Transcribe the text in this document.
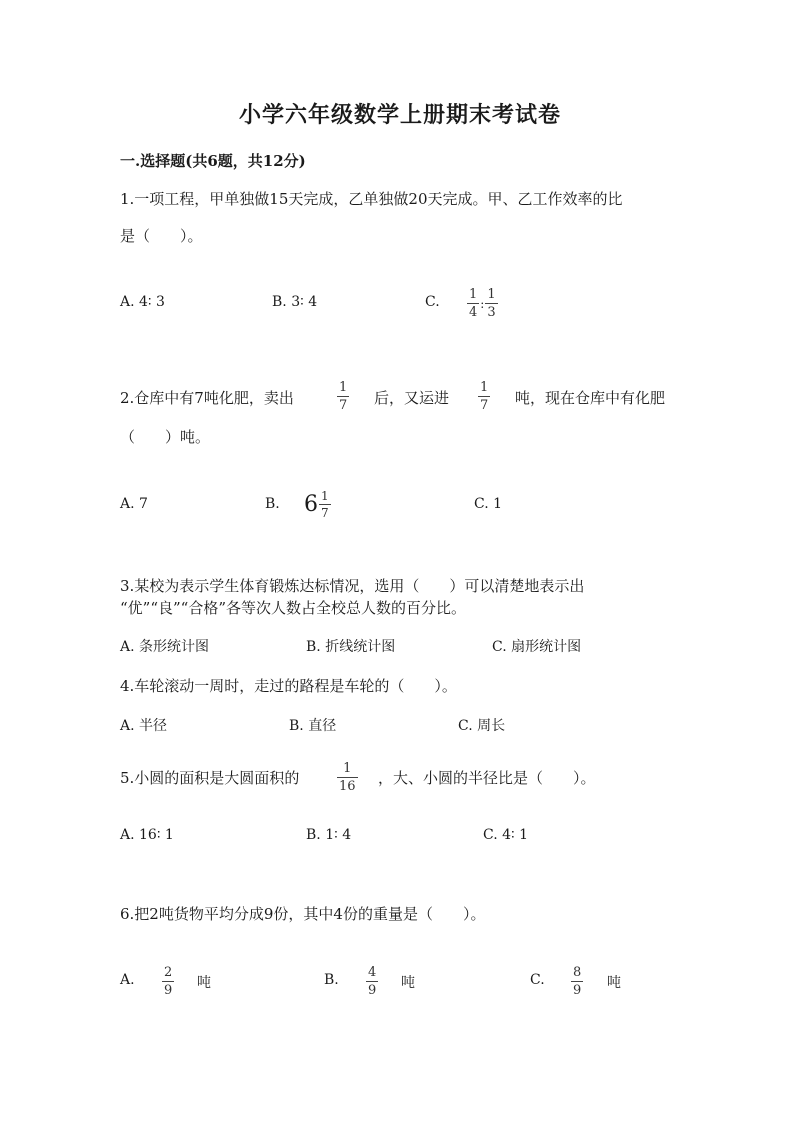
小学六年级数学上册期末考试卷
一.选择题(共6题，共12分)
1.一项工程，甲单独做15天完成，乙单独做20天完成。甲、乙工作效率的比
是（　　）。
A. 4∶ 3	B. 3∶ 4	C. $\frac{1}{4}$ : $\frac{1}{3}$
2.仓库中有7吨化肥，卖出	$\frac{1}{7}$ 后，又运进 $\frac{1}{7}$ 吨，现在仓库中有化肥
（　　）吨。
A. 7	B. $6 \frac{1}{7}$	C. 1
3.某校为表示学生体育锻炼达标情况，选用（　　）可以清楚地表示出
“优”“良”“合格”各等次人数占全校总人数的百分比。
A. 条形统计图	B. 折线统计图	C. 扇形统计图
4.车轮滚动一周时，走过的路程是车轮的（　　）。
A. 半径	B. 直径	C. 周长
5.小圆的面积是大圆面积的	$\frac{1}{16}$ ，大、小圆的半径比是（　　）。
A. 16∶ 1	B. 1∶ 4	C. 4∶ 1
6.把2吨货物平均分成9份，其中4份的重量是（　　）。
A. $\frac{2}{9}$ 吨	B. $\frac{4}{9}$ 吨	C. $\frac{8}{9}$ 吨
